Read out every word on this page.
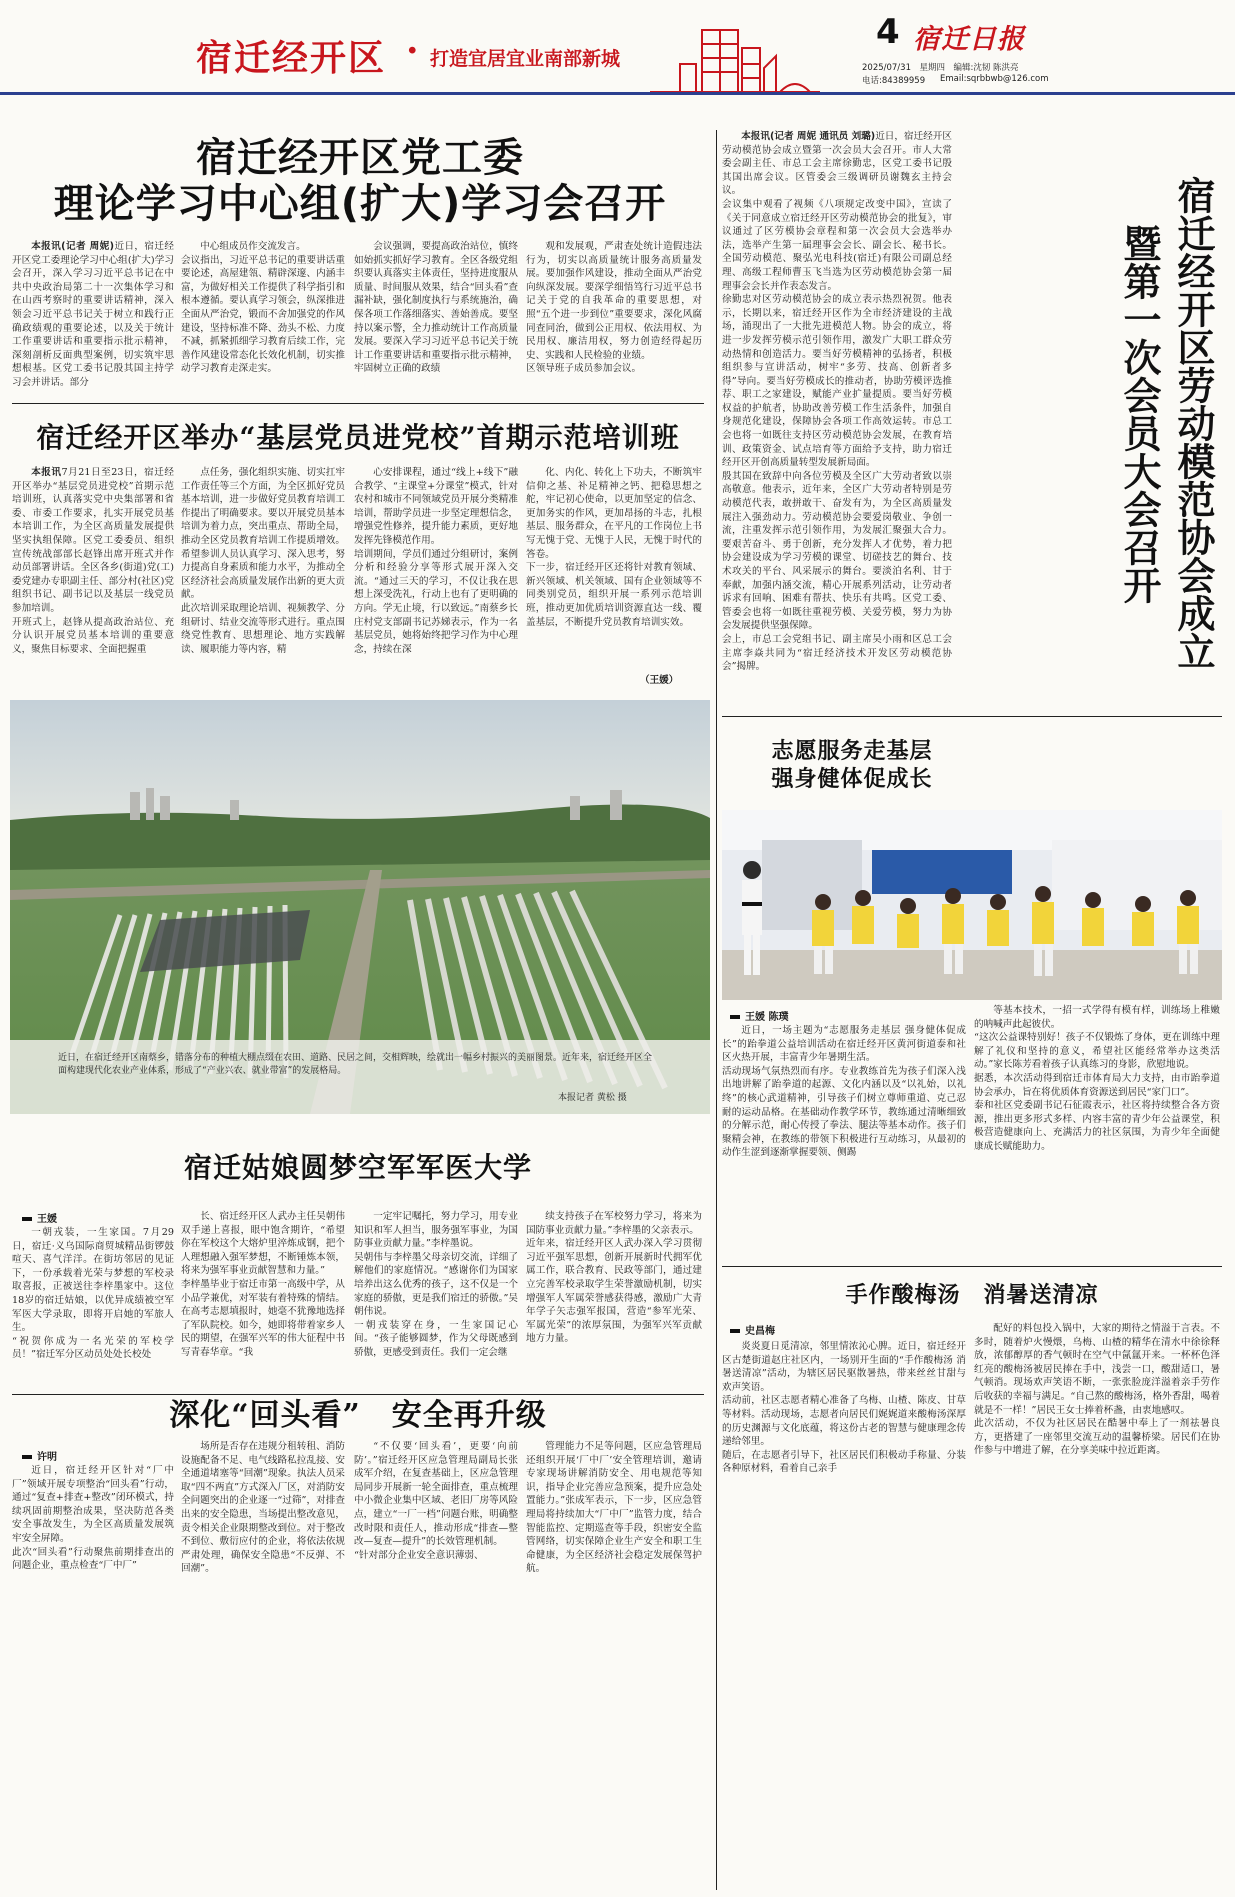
宿迁经开区 · 打造宜居宜业南部新城
4 宿迁日报
2025/07/31　星期四　编辑:沈韧 陈洪亮
电话:84389959 Email:sqrbbwb@126.com
宿迁经开区党工委
理论学习中心组(扩大)学习会召开

本报讯(记者 周妮)近日，宿迁经开区党工委理论学习中心组(扩大)学习会召开，深入学习习近平总书记在中共中央政治局第二十一次集体学习和在山西考察时的重要讲话精神，深入领会习近平总书记关于树立和践行正确政绩观的重要论述，以及关于统计工作重要讲话和重要指示批示精神，深刻剖析反面典型案例，切实筑牢思想根基。区党工委书记殷其国主持学习会并讲话。部分

中心组成员作交流发言。
会议指出，习近平总书记的重要讲话重要论述，高屋建瓴、精辟深邃、内涵丰富，为做好相关工作提供了科学指引和根本遵循。要认真学习领会，纵深推进全面从严治党，锻而不舍加强党的作风建设，坚持标准不降、劲头不松、力度不减，抓紧抓细学习教育后续工作，完善作风建设常态化长效化机制，切实推动学习教育走深走实。
会议强调，要提高政治站位，慎终如始抓实抓好学习教育。全区各级党组织要认真落实主体责任，坚持进度服从质量、时间服从效果，结合“回头看”查漏补缺，强化制度执行与系统施治，确保各项工作落细落实、善始善成。要坚持以案示警，全力推动统计工作高质量发展。要深入学习习近平总书记关于统计工作重要讲话和重要指示批示精神，牢固树立正确的政绩
观和发展观，严肃查处统计造假违法行为，切实以高质量统计服务高质量发展。要加强作风建设，推动全面从严治党向纵深发展。要深学细悟笃行习近平总书记关于党的自我革命的重要思想，对照“五个进一步到位”重要要求，深化风腐同查同治，做到公正用权、依法用权、为民用权、廉洁用权，努力创造经得起历史、实践和人民检验的业绩。
区领导班子成员参加会议。
宿迁经开区举办“基层党员进党校”首期示范培训班

本报讯7月21日至23日，宿迁经开区举办“基层党员进党校”首期示范培训班，认真落实党中央集部署和省委、市委工作要求，扎实开展党员基本培训工作，为全区高质量发展提供坚实执组保障。区党工委委员、组织宣传统战部部长赵锋出席开班式并作动员部署讲话。全区各乡(街道)党(工)委党建办专职副主任、部分村(社区)党组织书记、副书记以及基层一线党员参加培训。
开班式上，赵锋从提高政治站位、充分认识开展党员基本培训的重要意义，聚焦目标要求、全面把握重

点任务，强化组织实施、切实扛牢工作责任等三个方面，为全区抓好党员基本培训，进一步做好党员教育培训工作提出了明确要求。要以开展党员基本培训为着力点，突出重点、帮助全局，推动全区党员教育培训工作提质增效。希望参训人员认真学习、深入思考，努力提高自身素质和能力水平，为推动全区经济社会高质量发展作出新的更大贡献。
此次培训采取理论培训、视频教学、分组研讨、结业交流等形式进行。重点围绕党性教育、思想理论、地方实践解读、履职能力等内容，精
心安排课程，通过“线上+线下”融合教学、“主课堂+分课堂”模式，针对农村和城市不同领域党员开展分类精准培训，帮助学员进一步坚定理想信念，增强党性修养，提升能力素质，更好地发挥先锋模范作用。
培训期间，学员们通过分组研讨，案例分析和经验分享等形式展开深入交流。“通过三天的学习，不仅让我在思想上深受洗礼，行动上也有了更明确的方向。学无止境，行以致远。”南蔡乡长庄村党支部副书记苏娣表示，作为一名基层党员，她将始终把学习作为中心理念，持续在深
化、内化、转化上下功夫，不断筑牢信仰之基、补足精神之钙、把稳思想之舵，牢记初心使命，以更加坚定的信念、更加务实的作风，更加昂扬的斗志，扎根基层、服务群众，在平凡的工作岗位上书写无愧于党、无愧于人民，无愧于时代的答卷。
下一步，宿迁经开区还将针对教育领域、新兴领域、机关领域、国有企业领域等不同类别党员，组织开展一系列示范培训班，推动更加优质培训资源直达一线、覆盖基层，不断提升党员教育培训实效。
（王媛）
近日，在宿迁经开区南蔡乡，错落分布的种植大棚点缀在农田、道路、民居之间，交相辉映，绘就出一幅乡村振兴的美丽图景。近年来，宿迁经开区全面构建现代化农业产业体系，形成了“产业兴农、就业带富”的发展格局。
本报记者 黄松 摄
宿迁姑娘圆梦空军军医大学
王媛
一朝戎装，一生家国。7月29日，宿迁·义乌国际商贸城精品街锣鼓喧天、喜气洋洋。在街坊邻居的见证下，一份承载着光荣与梦想的军校录取喜报，正被送往李梓墨家中。这位18岁的宿迁姑娘，以优异成绩被空军军医大学录取，即将开启她的军旅人生。
“祝贺你成为一名光荣的军校学员！”宿迁军分区动员处处长校处
长、宿迁经开区人武办主任吴朝伟双手递上喜报，眼中饱含期许，“希望你在军校这个大熔炉里淬炼成钢，把个人理想融入强军梦想，不断锤炼本领，将来为强军事业贡献智慧和力量。”
李梓墨毕业于宿迁市第一高级中学，从小品学兼优，对军装有着特殊的情结。在高考志愿填报时，她毫不犹豫地选择了军队院校。如今，她即将带着家乡人民的期望，在强军兴军的伟大征程中书写青春华章。“我
一定牢记嘱托，努力学习，用专业知识和军人担当，服务强军事业，为国防事业贡献力量。”李梓墨说。
吴朝伟与李梓墨父母亲切交流，详细了解他们的家庭情况。“感谢你们为国家培养出这么优秀的孩子，这不仅是一个家庭的骄傲，更是我们宿迁的骄傲。”吴朝伟说。
一朝戎装穿在身，一生家国记心间。“孩子能够圆梦，作为父母既感到骄傲，更感受到责任。我们一定会继
续支持孩子在军校努力学习，将来为国防事业贡献力量。”李梓墨的父亲表示。
近年来，宿迁经开区人武办深入学习贯彻习近平强军思想，创新开展新时代拥军优属工作，联合教育、民政等部门，通过建立完善军校录取学生荣誉激励机制，切实增强军人军属荣誉感获得感，激励广大青年学子矢志强军报国，营造“参军光荣、军属光荣”的浓厚氛围，为强军兴军贡献地方力量。
深化“回头看”　安全再升级
许明
近日，宿迁经开区针对“厂中厂”领域开展专项整治“回头看”行动，通过“复查+排查+整改”闭环模式，持续巩固前期整治成果，坚决防范各类安全事故发生，为全区高质量发展筑牢安全屏障。
此次“回头看”行动聚焦前期排查出的问题企业，重点检查“厂中厂”
场所是否存在违规分租转租、消防设施配备不足、电气线路私拉乱接、安全通道堵塞等“回潮”现象。执法人员采取“四不两直”方式深入厂区，对消防安全问题突出的企业逐一“过筛”，对排查出来的安全隐患，当场提出整改意见，责令相关企业限期整改到位。对于整改不到位、敷衍应付的企业，将依法依规严肃处理，确保安全隐患“不反弹、不回潮”。
“不仅要‘回头看’，更要‘向前防’。”宿迁经开区应急管理局副局长张成军介绍，在复查基础上，区应急管理局同步开展新一轮全面排查，重点梳理中小微企业集中区域、老旧厂房等风险点，建立“一厂一档”问题台账，明确整改时限和责任人，推动形成“排查—整改—复查—提升”的长效管理机制。
“针对部分企业安全意识薄弱、
管理能力不足等问题，区应急管理局还组织开展‘厂中厂’安全管理培训，邀请专家现场讲解消防安全、用电规范等知识，指导企业完善应急预案，提升应急处置能力。”张成军表示，下一步，区应急管理局将持续加大“厂中厂”监管力度，结合智能监控、定期巡查等手段，织密安全监管网络，切实保障企业生产安全和职工生命健康，为全区经济社会稳定发展保驾护航。

本报讯(记者 周妮 通讯员 刘璐)近日，宿迁经开区劳动模范协会成立暨第一次会员大会召开。市人大常委会副主任、市总工会主席徐勤忠，区党工委书记殷其国出席会议。区管委会三级调研员谢魏玄主持会议。
会议集中观看了视频《八项规定改变中国》，宣读了《关于同意成立宿迁经开区劳动模范协会的批复》，审议通过了区劳模协会章程和第一次会员大会选举办法，选举产生第一届理事会会长、副会长、秘书长。全国劳动模范、聚弘光电科技(宿迁)有限公司副总经理、高级工程师曹玉飞当选为区劳动模范协会第一届理事会会长并作表态发言。
徐勤忠对区劳动模范协会的成立表示热烈祝贺。他表示，长期以来，宿迁经开区作为全市经济建设的主战场，涌现出了一大批先进模范人物。协会的成立，将进一步发挥劳模示范引领作用，激发广大职工群众劳动热情和创造活力。要当好劳模精神的弘扬者，积极组织参与宣讲活动，树牢“多劳、技高、创新者多得”导向。要当好劳模成长的推动者，协助劳模评选推荐、职工之家建设，赋能产业扩量提质。要当好劳模权益的护航者，协助改善劳模工作生活条件，加强自身规范化建设，保障协会各项工作高效运转。市总工会也将一如既往支持区劳动模范协会发展，在教育培训、政策资金、试点培育等方面给予支持，助力宿迁经开区开创高质量转型发展新局面。
殷其国在致辞中向各位劳模及全区广大劳动者致以崇高敬意。他表示，近年来，全区广大劳动者特别是劳动模范代表，敢拼敢干、奋发有为，为全区高质量发展注入强劲动力。劳动模范协会要爱岗敬业、争创一流，注重发挥示范引领作用，为发展汇聚强大合力。要艰苦奋斗、勇于创新，充分发挥人才优势，着力把协会建设成为学习劳模的课堂、切磋技艺的舞台、技术攻关的平台、风采展示的舞台。要淡泊名利、甘于奉献，加强内涵交流，精心开展系列活动，让劳动者诉求有回响、困难有帮扶、快乐有共鸣。区党工委、管委会也将一如既往重视劳模、关爱劳模，努力为协会发展提供坚强保障。
会上，市总工会党组书记、副主席吴小雨和区总工会主席李焱共同为“宿迁经济技术开发区劳动模范协会”揭牌。	宿迁经开区劳动模范协会成立
暨第一次会员大会召开
志愿服务走基层
强身健体促成长
王媛 陈璞
近日，一场主题为“志愿服务走基层 强身健体促成长”的跆拳道公益培训活动在宿迁经开区黄河街道泰和社区火热开展，丰富青少年暑期生活。
活动现场气氛热烈而有序。专业教练首先为孩子们深入浅出地讲解了跆拳道的起源、文化内涵以及“以礼始，以礼终”的核心武道精神，引导孩子们树立尊师重道、克己忍耐的运动品格。在基础动作教学环节，教练通过清晰细致的分解示范，耐心传授了拳法、腿法等基本动作。孩子们聚精会神，在教练的带领下积极进行互动练习，从最初的动作生涩到逐渐掌握要领、侧踢
等基本技术，一招一式学得有模有样，训练场上稚嫩的呐喊声此起彼伏。
“这次公益课特别好！孩子不仅锻炼了身体，更在训练中理解了礼仪和坚持的意义，希望社区能经常举办这类活动。”家长陈芳看着孩子认真练习的身影，欣慰地说。
据悉，本次活动得到宿迁市体育局大力支持，由市跆拳道协会承办，旨在将优质体育资源送到居民“家门口”。
泰和社区党委副书记石征霞表示，社区将持续整合各方资源，推出更多形式多样、内容丰富的青少年公益课堂，积极营造健康向上、充满活力的社区氛围，为青少年全面健康成长赋能助力。
手作酸梅汤　消暑送清凉
史昌梅
炎炎夏日觅清凉，邻里情浓沁心脾。近日，宿迁经开区古楚街道赵庄社区内，一场别开生面的“手作酸梅汤 消暑送清凉”活动，为辖区居民驱散暑热，带来丝丝甘甜与欢声笑语。
活动前，社区志愿者精心准备了乌梅、山楂、陈皮、甘草等材料。活动现场，志愿者向居民们娓娓道来酸梅汤深厚的历史渊源与文化底蕴，将这份古老的智慧与健康理念传递给邻里。
随后，在志愿者引导下，社区居民们积极动手称量、分装各种原材料，看着自己亲手
配好的料包投入锅中，大家的期待之情溢于言表。不多时，随着炉火慢煨，乌梅、山楂的精华在清水中徐徐释放，浓郁醇厚的香气顿时在空气中氤氲开来。一杯杯色泽红亮的酸梅汤被居民捧在手中，浅尝一口，酸甜适口，暑气顿消。现场欢声笑语不断，一张张脸庞洋溢着亲手劳作后收获的幸福与满足。“自己熬的酸梅汤，格外香甜，喝着就是不一样！”居民王女士捧着杯盏，由衷地感叹。
此次活动，不仅为社区居民在酷暑中奉上了一剂祛暑良方，更搭建了一座邻里交流互动的温馨桥梁。居民们在协作参与中增进了解，在分享美味中拉近距离。
